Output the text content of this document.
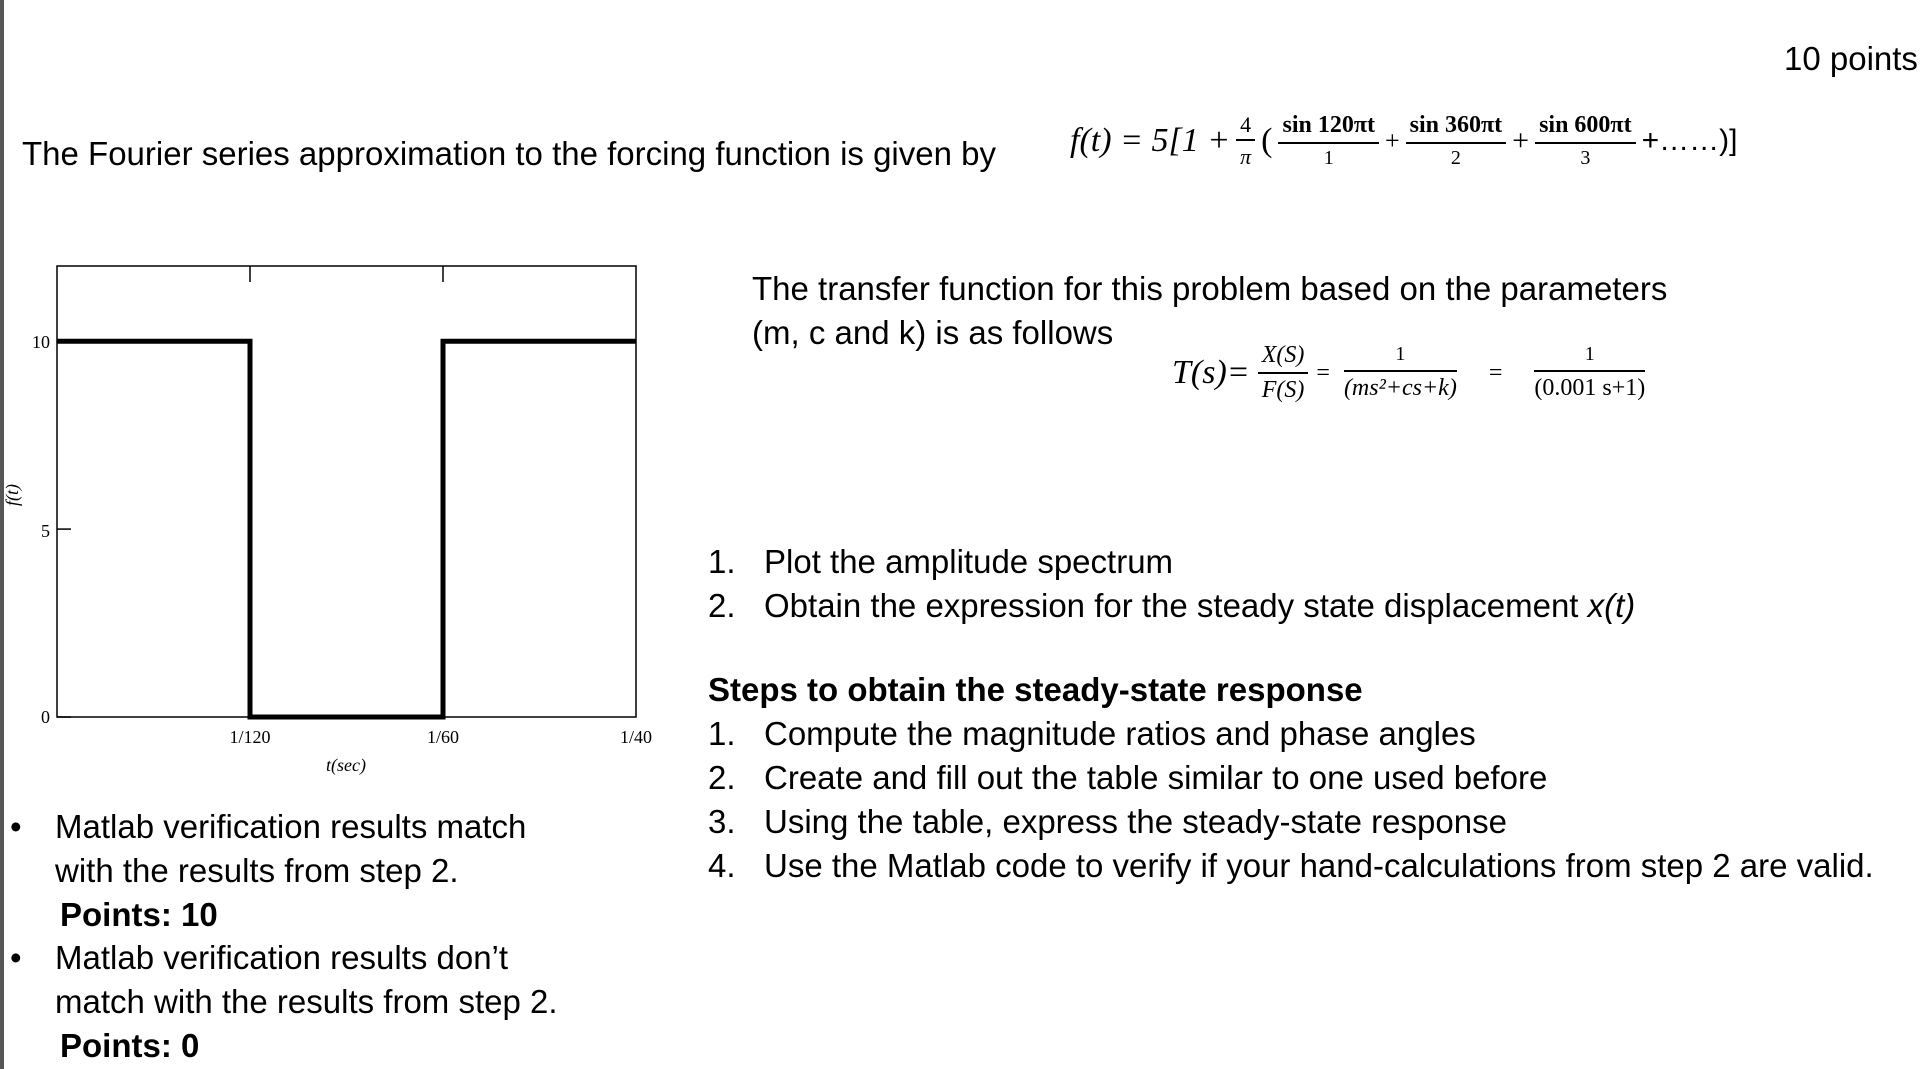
10 points
The Fourier series approximation to the forcing function is given by $f(t) = 5[1 + \frac{4}{\pi}$ ( $\frac{\sin 120\pi t}{1} + \frac{\sin 360\pi t}{2} + \frac{\sin 600\pi t}{3}$ +……)]
1/120	1/60	1/40
0
5
10
t(sec)
f(t)
The transfer function for this problem based on the parameters
(m, c and k) is as follows
$T(s)= \frac{X(S)}{F(S)} = \frac{1}{\text{(ms²+cs+k)}} = \frac{1}{(0.001 s+1)}$
1. Plot the amplitude spectrum
2. Obtain the expression for the steady state displacement x(t)
Steps to obtain the steady-state response
1. Compute the magnitude ratios and phase angles
2. Create and fill out the table similar to one used before
3. Using the table, express the steady-state response
4. Use the Matlab code to verify if your hand-calculations from step 2 are valid.
• Matlab verification results match
with the results from step 2.
Points: 10
• Matlab verification results don’t
match with the results from step 2.
Points: 0
